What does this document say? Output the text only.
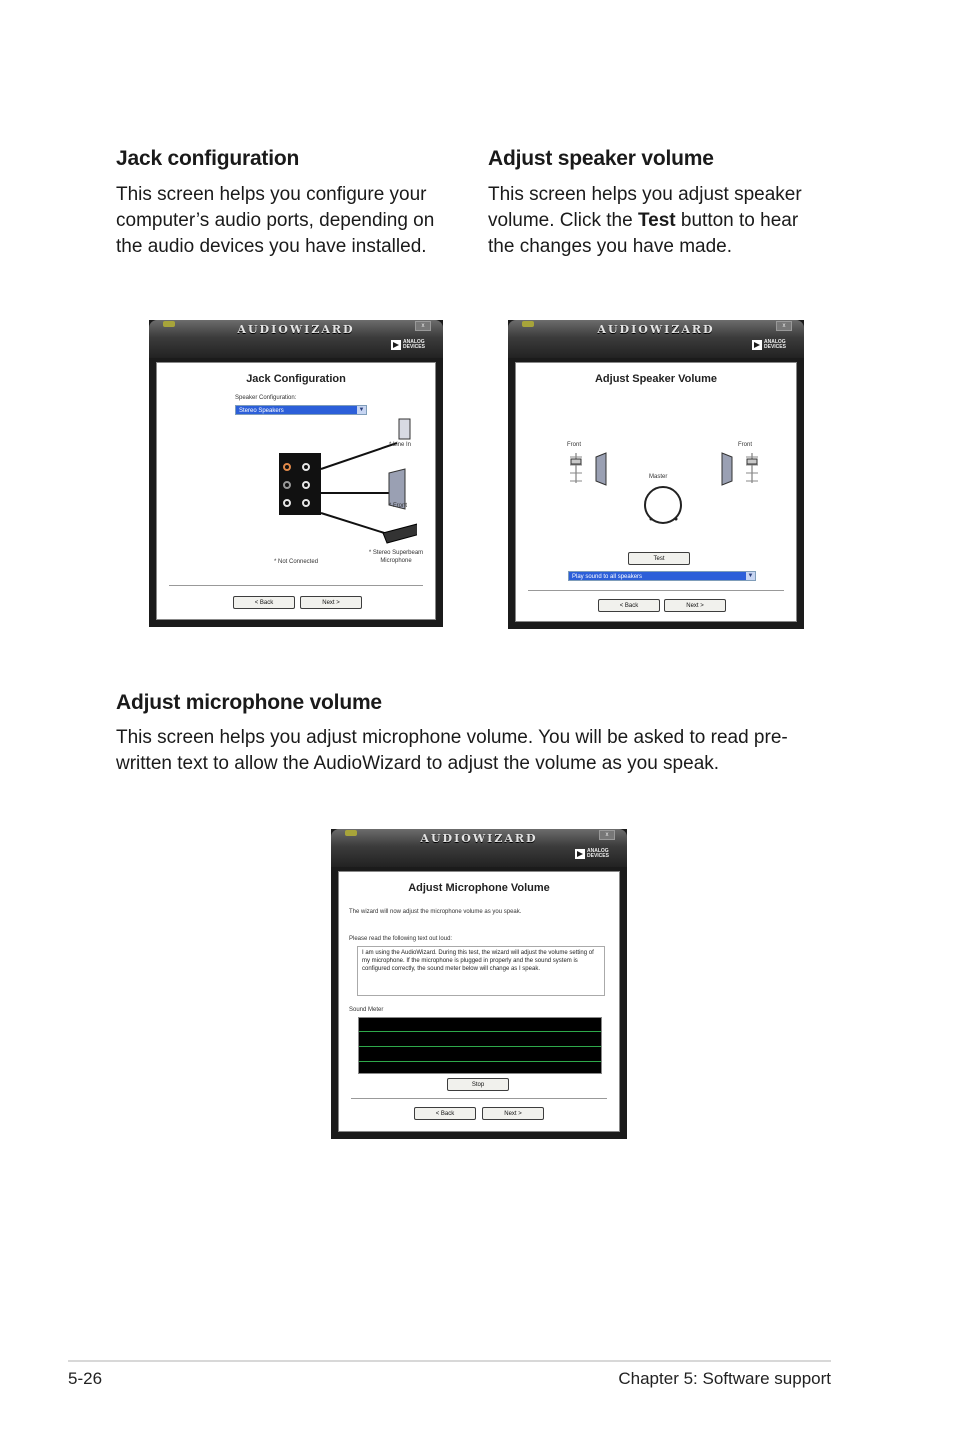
Jack configuration

This screen helps you configure your computer’s audio ports, depending on the audio devices you have installed.

Adjust speaker volume

This screen helps you adjust speaker volume. Click the Test button to hear the changes you have made.

Adjust microphone volume

This screen helps you adjust microphone volume. You will be asked to read pre-written text to allow the AudioWizard to adjust the volume as you speak.

AUDIOWIZARD	x
ANALOG
DEVICES
Jack Configuration
Speaker Configuration:
Stereo Speakers	▼
* Line In
* Front
* Not Connected
* Stereo Superbeam Microphone
< Back	Next >
AUDIOWIZARD	x
ANALOG
DEVICES
Adjust Speaker Volume
Front	Front
Master
Test
Play sound to all speakers	▼
< Back	Next >
AUDIOWIZARD	x
ANALOG
DEVICES
Adjust Microphone Volume
The wizard will now adjust the microphone volume as you speak.
Please read the following text out loud:
I am using the AudioWizard. During this test, the wizard will adjust the volume setting of my microphone. If the microphone is plugged in properly and the sound system is configured correctly, the sound meter below will change as I speak.
Sound Meter
Stop
< Back	Next >
5-26	Chapter 5: Software support
